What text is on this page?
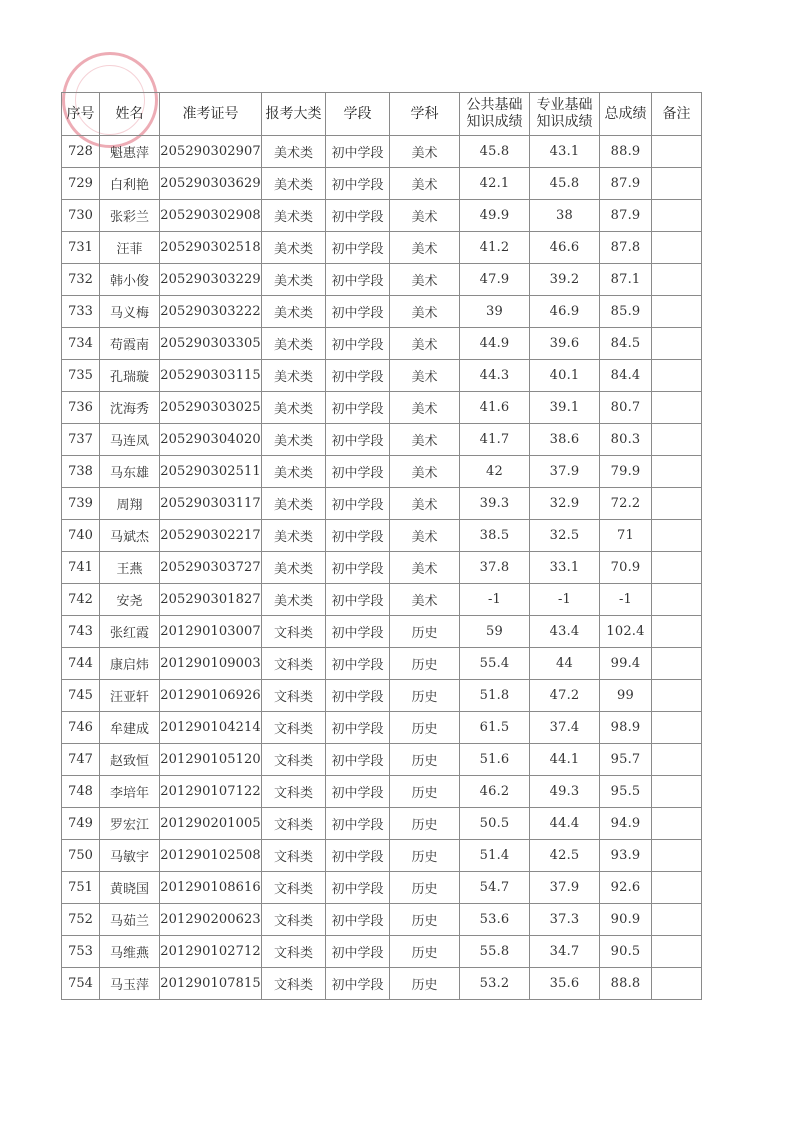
序号	姓名	准考证号	报考大类	学段	学科	公共基础知识成绩	专业基础知识成绩	总成绩	备注
728	魁惠萍	205290302907	美术类	初中学段	美术	45.8	43.1	88.9	
729	白利艳	205290303629	美术类	初中学段	美术	42.1	45.8	87.9	
730	张彩兰	205290302908	美术类	初中学段	美术	49.9	38	87.9	
731	汪菲	205290302518	美术类	初中学段	美术	41.2	46.6	87.8	
732	韩小俊	205290303229	美术类	初中学段	美术	47.9	39.2	87.1	
733	马义梅	205290303222	美术类	初中学段	美术	39	46.9	85.9	
734	苟霞南	205290303305	美术类	初中学段	美术	44.9	39.6	84.5	
735	孔瑞璇	205290303115	美术类	初中学段	美术	44.3	40.1	84.4	
736	沈海秀	205290303025	美术类	初中学段	美术	41.6	39.1	80.7	
737	马连凤	205290304020	美术类	初中学段	美术	41.7	38.6	80.3	
738	马东雄	205290302511	美术类	初中学段	美术	42	37.9	79.9	
739	周翔	205290303117	美术类	初中学段	美术	39.3	32.9	72.2	
740	马斌杰	205290302217	美术类	初中学段	美术	38.5	32.5	71	
741	王燕	205290303727	美术类	初中学段	美术	37.8	33.1	70.9	
742	安尧	205290301827	美术类	初中学段	美术	-1	-1	-1	
743	张红霞	201290103007	文科类	初中学段	历史	59	43.4	102.4	
744	康启炜	201290109003	文科类	初中学段	历史	55.4	44	99.4	
745	汪亚轩	201290106926	文科类	初中学段	历史	51.8	47.2	99	
746	牟建成	201290104214	文科类	初中学段	历史	61.5	37.4	98.9	
747	赵致恒	201290105120	文科类	初中学段	历史	51.6	44.1	95.7	
748	李培年	201290107122	文科类	初中学段	历史	46.2	49.3	95.5	
749	罗宏江	201290201005	文科类	初中学段	历史	50.5	44.4	94.9	
750	马敏宇	201290102508	文科类	初中学段	历史	51.4	42.5	93.9	
751	黄晓国	201290108616	文科类	初中学段	历史	54.7	37.9	92.6	
752	马茹兰	201290200623	文科类	初中学段	历史	53.6	37.3	90.9	
753	马维燕	201290102712	文科类	初中学段	历史	55.8	34.7	90.5	
754	马玉萍	201290107815	文科类	初中学段	历史	53.2	35.6	88.8	
